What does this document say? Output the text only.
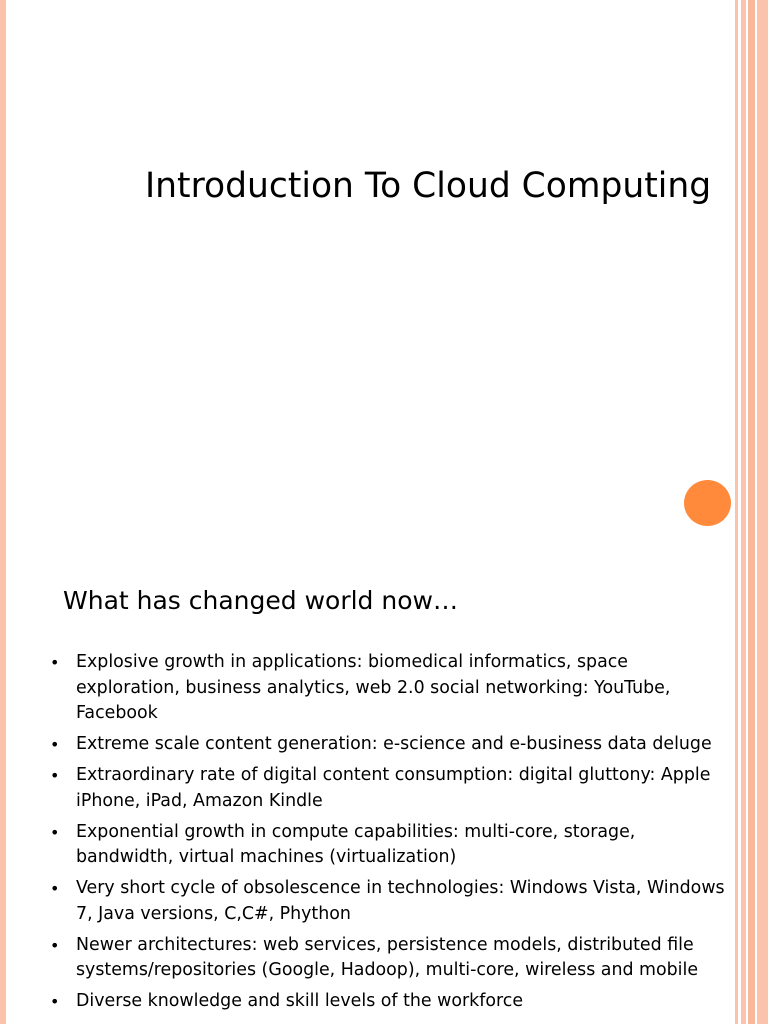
Introduction To Cloud Computing
What has changed world now…
• Explosive growth in applications: biomedical informatics, space exploration, business analytics, web 2.0 social networking: YouTube, Facebook
• Extreme scale content generation: e-science and e-business data deluge
• Extraordinary rate of digital content consumption: digital gluttony: Apple iPhone, iPad, Amazon Kindle
• Exponential growth in compute capabilities: multi-core, storage, bandwidth, virtual machines (virtualization)
• Very short cycle of obsolescence in technologies: Windows Vista, Windows 7, Java versions, C,C#, Phython
• Newer architectures: web services, persistence models, distributed file systems/repositories (Google, Hadoop), multi-core, wireless and mobile
• Diverse knowledge and skill levels of the workforce
